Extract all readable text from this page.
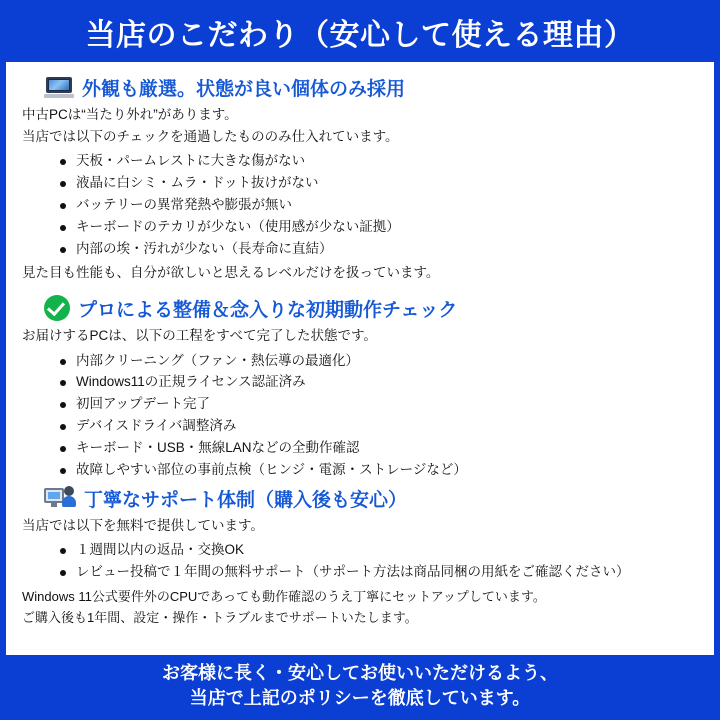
当店のこだわり（安心して使える理由）
外観も厳選。状態が良い個体のみ採用
中古PCは“当たり外れ”があります。
当店では以下のチェックを通過したもののみ仕入れています。
天板・パームレストに大きな傷がない
液晶に白シミ・ムラ・ドット抜けがない
バッテリーの異常発熱や膨張が無い
キーボードのテカリが少ない（使用感が少ない証拠）
内部の埃・汚れが少ない（長寿命に直結）
見た目も性能も、自分が欲しいと思えるレベルだけを扱っています。
プロによる整備＆念入りな初期動作チェック
お届けするPCは、以下の工程をすべて完了した状態です。
内部クリーニング（ファン・熱伝導の最適化）
Windows11の正規ライセンス認証済み
初回アップデート完了
デバイスドライバ調整済み
キーボード・USB・無線LANなどの全動作確認
故障しやすい部位の事前点検（ヒンジ・電源・ストレージなど）
丁寧なサポート体制（購入後も安心）
当店では以下を無料で提供しています。
１週間以内の返品・交換OK
レビュー投稿で１年間の無料サポート（サポート方法は商品同梱の用紙をご確認ください）
Windows 11公式要件外のCPUであっても動作確認のうえ丁寧にセットアップしています。
ご購入後も1年間、設定・操作・トラブルまでサポートいたします。
お客様に長く・安心してお使いいただけるよう、
当店で上記のポリシーを徹底しています。
